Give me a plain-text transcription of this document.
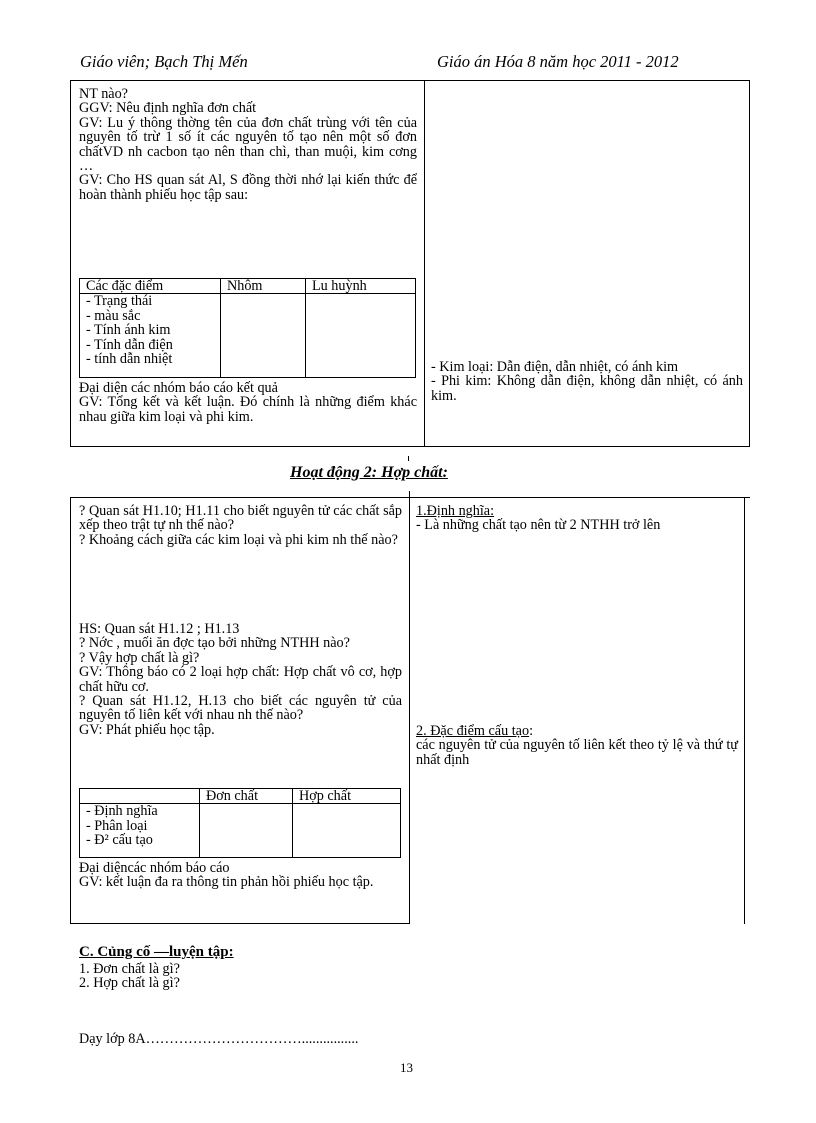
Giáo viên; Bạch Thị Mến	Giáo án Hóa 8 năm học 2011 - 2012

NT nào?

GGV: Nêu định nghĩa đơn chất

GV: Lu ý thông thờng tên của đơn chất trùng với tên của nguyên tố trừ 1 số ít các nguyên tố tạo nên một số đơn chấtVD nh cacbon tạo nên than chì, than muội, kim cơng …

GV: Cho HS quan sát Al, S đồng thời nhớ lại kiến thức để hoàn thành phiếu học tập sau:

Các đặc điểm	Nhôm	Lu huỳnh

- Trạng thái
- màu sắc
- Tính ánh kim
- Tính dẫn điện
- tính dẫn nhiệt		

Đại diện các nhóm báo cáo kết quả

GV: Tổng kết và kết luận. Đó chính là những điểm khác nhau giữa kim loại và phi kim.

- Kim loại: Dẫn điện, dẫn nhiệt, có ánh kim

- Phi kim: Không dẫn điện, không dẫn nhiệt, có ánh kim.

Hoạt động 2: Hợp chất:

? Quan sát H1.10; H1.11 cho biết nguyên tử các chất sắp xếp theo trật tự nh thế nào?

? Khoảng cách giữa các kim loại và phi kim nh thế nào?

HS: Quan sát H1.12 ; H1.13

? Nớc , muối ăn đợc tạo bởi những NTHH nào?

? Vậy hợp chất là gì?

GV: Thông báo có 2 loại hợp chất: Hợp chất vô cơ, hợp chất hữu cơ.

? Quan sát H1.12, H.13 cho biết các nguyên tử của nguyên tố liên kết với nhau nh thế nào?

GV: Phát phiếu học tập.

	Đơn chất	Hợp chất

- Định nghĩa
- Phân loại
- Đ² cấu tạo		

Đại diệncác nhóm báo cáo

GV: kết luận đa ra thông tin phản hồi phiếu học tập.

1.Định nghĩa:

- Là những chất tạo nên từ 2 NTHH trở lên

2. Đặc điểm cấu tạo:

các nguyên tử của nguyên tố liên kết theo tỷ lệ và thứ tự nhất định

C. Củng cố —luyện tập:

1. Đơn chất là gì?

2. Hợp chất là gì?

Dạy lớp 8A……………………………................
13
